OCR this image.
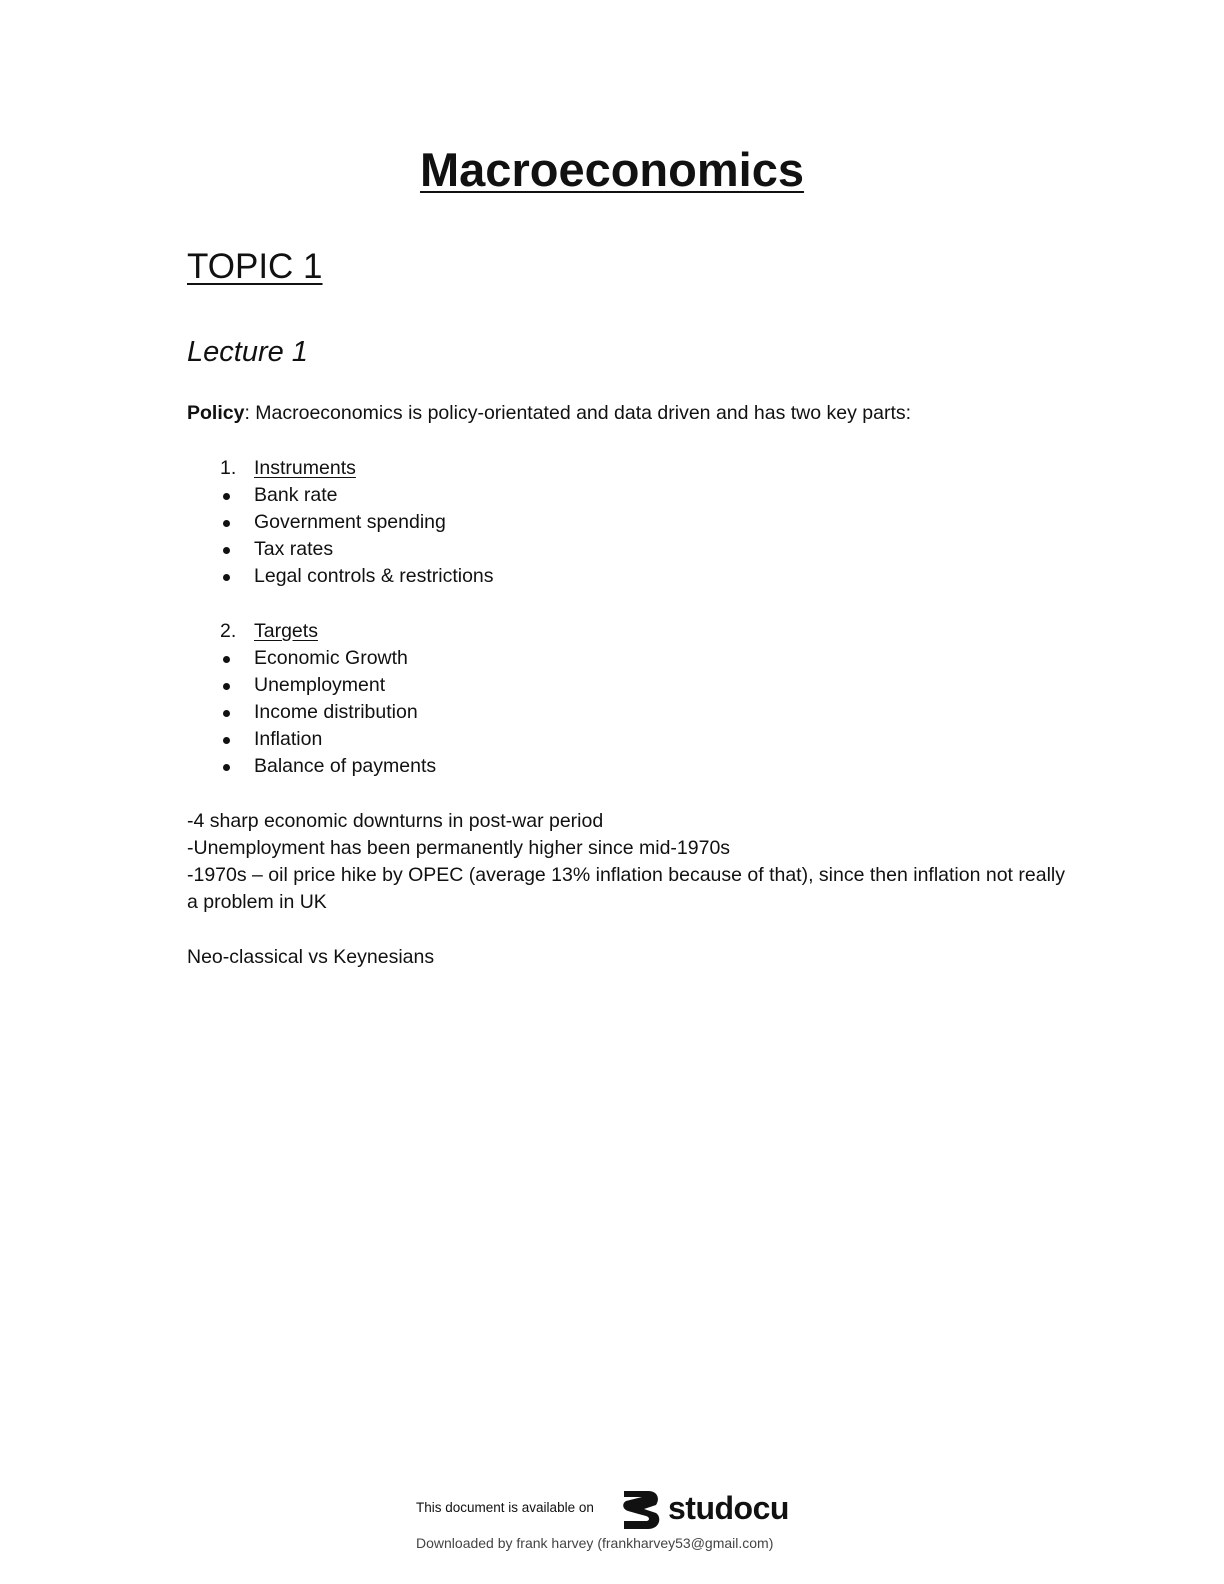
Macroeconomics
TOPIC 1
Lecture 1

Policy: Macroeconomics is policy-orientated and data driven and has two key parts:

1. Instruments
Bank rate
Government spending
Tax rates
Legal controls & restrictions
2. Targets
Economic Growth
Unemployment
Income distribution
Inflation
Balance of payments

-4 sharp economic downturns in post-war period

-Unemployment has been permanently higher since mid-1970s

-1970s – oil price hike by OPEC (average 13% inflation because of that), since then inflation not really a problem in UK

Neo-classical vs Keynesians

This document is available on studocu
Downloaded by frank harvey (frankharvey53@gmail.com)
